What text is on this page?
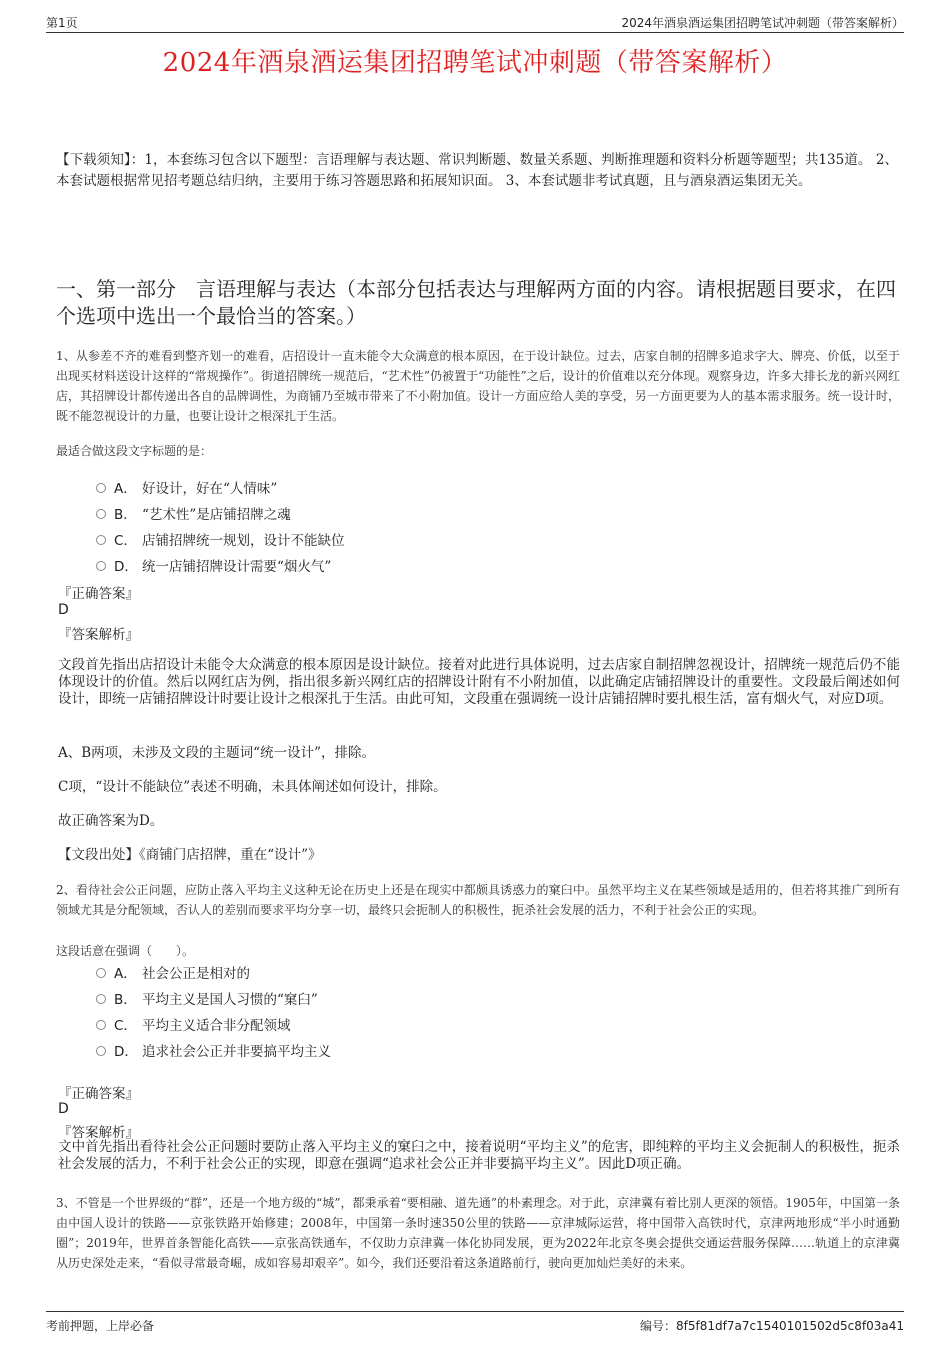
第1页	2024年酒泉酒运集团招聘笔试冲刺题（带答案解析）
2024年酒泉酒运集团招聘笔试冲刺题（带答案解析）
【下载须知】：1，本套练习包含以下题型：言语理解与表达题、常识判断题、数量关系题、判断推理题和资料分析题等题型；共135道。 2、本套试题根据常见招考题总结归纳，主要用于练习答题思路和拓展知识面。 3、本套试题非考试真题，且与酒泉酒运集团无关。
一、第一部分　言语理解与表达（本部分包括表达与理解两方面的内容。请根据题目要求，在四个选项中选出一个最恰当的答案。）
1、从参差不齐的难看到整齐划一的难看，店招设计一直未能令大众满意的根本原因，在于设计缺位。过去，店家自制的招牌多追求字大、牌亮、价低，以至于出现买材料送设计这样的“常规操作”。街道招牌统一规范后，“艺术性”仍被置于“功能性”之后，设计的价值难以充分体现。观察身边，许多大排长龙的新兴网红店，其招牌设计都传递出各自的品牌调性，为商铺乃至城市带来了不小附加值。设计一方面应给人美的享受，另一方面更要为人的基本需求服务。统一设计时，既不能忽视设计的力量，也要让设计之根深扎于生活。
最适合做这段文字标题的是：
A． 好设计，好在“人情味”
B． “艺术性”是店铺招牌之魂
C． 店铺招牌统一规划，设计不能缺位
D． 统一店铺招牌设计需要“烟火气”
『正确答案』
D
『答案解析』
文段首先指出店招设计未能令大众满意的根本原因是设计缺位。接着对此进行具体说明，过去店家自制招牌忽视设计，招牌统一规范后仍不能体现设计的价值。然后以网红店为例，指出很多新兴网红店的招牌设计附有不小附加值，以此确定店铺招牌设计的重要性。文段最后阐述如何设计，即统一店铺招牌设计时要让设计之根深扎于生活。由此可知，文段重在强调统一设计店铺招牌时要扎根生活，富有烟火气，对应D项。
A、B两项，未涉及文段的主题词“统一设计”，排除。
C项，“设计不能缺位”表述不明确，未具体阐述如何设计，排除。
故正确答案为D。
【文段出处】《商铺门店招牌，重在“设计”》
2、看待社会公正问题，应防止落入平均主义这种无论在历史上还是在现实中都颇具诱惑力的窠臼中。虽然平均主义在某些领域是适用的，但若将其推广到所有领域尤其是分配领域，否认人的差别而要求平均分享一切，最终只会扼制人的积极性，扼杀社会发展的活力，不利于社会公正的实现。
这段话意在强调（　　）。
A． 社会公正是相对的
B． 平均主义是国人习惯的“窠臼”
C． 平均主义适合非分配领域
D． 追求社会公正并非要搞平均主义
『正确答案』
D
『答案解析』
文中首先指出看待社会公正问题时要防止落入平均主义的窠臼之中，接着说明“平均主义”的危害，即纯粹的平均主义会扼制人的积极性，扼杀社会发展的活力，不利于社会公正的实现，即意在强调“追求社会公正并非要搞平均主义”。因此D项正确。
3、不管是一个世界级的“群”，还是一个地方级的“城”，都秉承着“要相融、道先通”的朴素理念。对于此，京津冀有着比别人更深的领悟。1905年，中国第一条由中国人设计的铁路——京张铁路开始修建；2008年，中国第一条时速350公里的铁路——京津城际运营，将中国带入高铁时代，京津两地形成“半小时通勤圈”；2019年，世界首条智能化高铁——京张高铁通车，不仅助力京津冀一体化协同发展，更为2022年北京冬奥会提供交通运营服务保障……轨道上的京津冀从历史深处走来，“看似寻常最奇崛，成如容易却艰辛”。如今，我们还要沿着这条道路前行，驶向更加灿烂美好的未来。
考前押题，上岸必备	编号：8f5f81df7a7c1540101502d5c8f03a41
